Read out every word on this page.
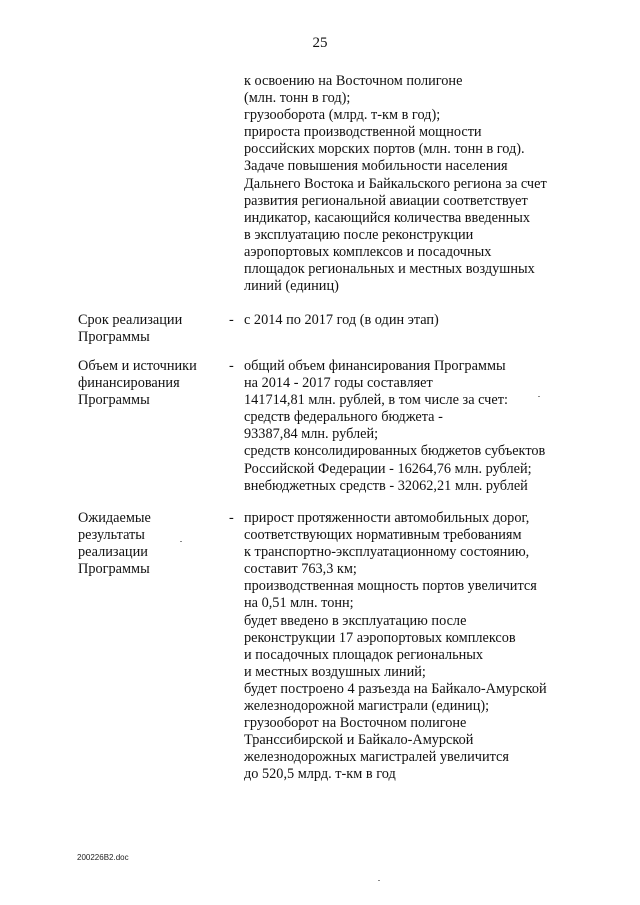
25
к освоению на Восточном полигоне
(млн. тонн в год);
грузооборота (млрд. т-км в год);
прироста производственной мощности
российских морских портов (млн. тонн в год).
Задаче повышения мобильности населения
Дальнего Востока и Байкальского региона за счет
развития региональной авиации соответствует
индикатор, касающийся количества введенных
в эксплуатацию после реконструкции
аэропортовых комплексов и посадочных
площадок региональных и местных воздушных
линий (единиц)
Срок реализации
Программы
- с 2014 по 2017 год (в один этап)
Объем и источники
финансирования
Программы
- общий объем финансирования Программы
на 2014 - 2017 годы составляет
141714,81 млн. рублей, в том числе за счет:
средств федерального бюджета -
93387,84 млн. рублей;
средств консолидированных бюджетов субъектов
Российской Федерации - 16264,76 млн. рублей;
внебюджетных средств - 32062,21 млн. рублей
Ожидаемые
результаты
реализации
Программы
- прирост протяженности автомобильных дорог,
соответствующих нормативным требованиям
к транспортно-эксплуатационному состоянию,
составит 763,3 км;
производственная мощность портов увеличится
на 0,51 млн. тонн;
будет введено в эксплуатацию после
реконструкции 17 аэропортовых комплексов
и посадочных площадок региональных
и местных воздушных линий;
будет построено 4 разъезда на Байкало-Амурской
железнодорожной магистрали (единиц);
грузооборот на Восточном полигоне
Транссибирской и Байкало-Амурской
железнодорожных магистралей увеличится
до 520,5 млрд. т-км в год
200226В2.doc
